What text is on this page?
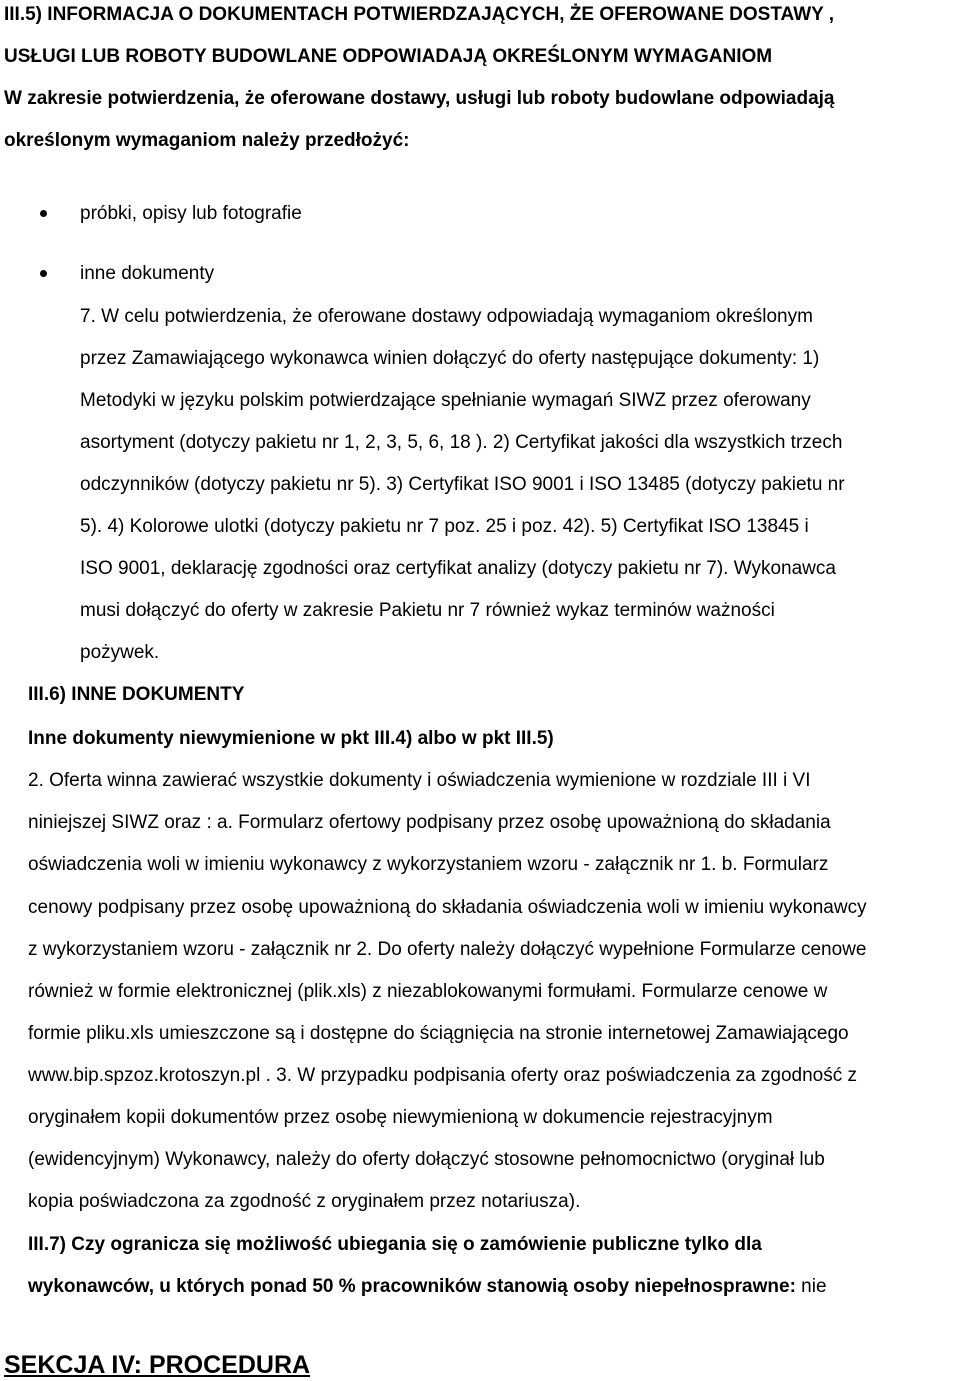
III.5) INFORMACJA O DOKUMENTACH POTWIERDZAJĄCYCH, ŻE OFEROWANE DOSTAWY ,

USŁUGI LUB ROBOTY BUDOWLANE ODPOWIADAJĄ OKREŚLONYM WYMAGANIOM

W zakresie potwierdzenia, że oferowane dostawy, usługi lub roboty budowlane odpowiadają

określonym wymaganiom należy przedłożyć:

próbki, opisy lub fotografie

inne dokumenty

7. W celu potwierdzenia, że oferowane dostawy odpowiadają wymaganiom określonym

przez Zamawiającego wykonawca winien dołączyć do oferty następujące dokumenty: 1)

Metodyki w języku polskim potwierdzające spełnianie wymagań SIWZ przez oferowany

asortyment (dotyczy pakietu nr 1, 2, 3, 5, 6, 18 ). 2) Certyfikat jakości dla wszystkich trzech

odczynników (dotyczy pakietu nr 5). 3) Certyfikat ISO 9001 i ISO 13485 (dotyczy pakietu nr

5). 4) Kolorowe ulotki (dotyczy pakietu nr 7 poz. 25 i poz. 42). 5) Certyfikat ISO 13845 i

ISO 9001, deklarację zgodności oraz certyfikat analizy (dotyczy pakietu nr 7). Wykonawca

musi dołączyć do oferty w zakresie Pakietu nr 7 również wykaz terminów ważności

pożywek.

III.6) INNE DOKUMENTY

Inne dokumenty niewymienione w pkt III.4) albo w pkt III.5)

2. Oferta winna zawierać wszystkie dokumenty i oświadczenia wymienione w rozdziale III i VI

niniejszej SIWZ oraz : a. Formularz ofertowy podpisany przez osobę upoważnioną do składania

oświadczenia woli w imieniu wykonawcy z wykorzystaniem wzoru - załącznik nr 1. b. Formularz

cenowy podpisany przez osobę upoważnioną do składania oświadczenia woli w imieniu wykonawcy

z wykorzystaniem wzoru - załącznik nr 2. Do oferty należy dołączyć wypełnione Formularze cenowe

również w formie elektronicznej (plik.xls) z niezablokowanymi formułami. Formularze cenowe w

formie pliku.xls umieszczone są i dostępne do ściągnięcia na stronie internetowej Zamawiającego

www.bip.spzoz.krotoszyn.pl . 3. W przypadku podpisania oferty oraz poświadczenia za zgodność z

oryginałem kopii dokumentów przez osobę niewymienioną w dokumencie rejestracyjnym

(ewidencyjnym) Wykonawcy, należy do oferty dołączyć stosowne pełnomocnictwo (oryginał lub

kopia poświadczona za zgodność z oryginałem przez notariusza).

III.7) Czy ogranicza się możliwość ubiegania się o zamówienie publiczne tylko dla

wykonawców, u których ponad 50 % pracowników stanowią osoby niepełnosprawne: nie

SEKCJA IV: PROCEDURA
